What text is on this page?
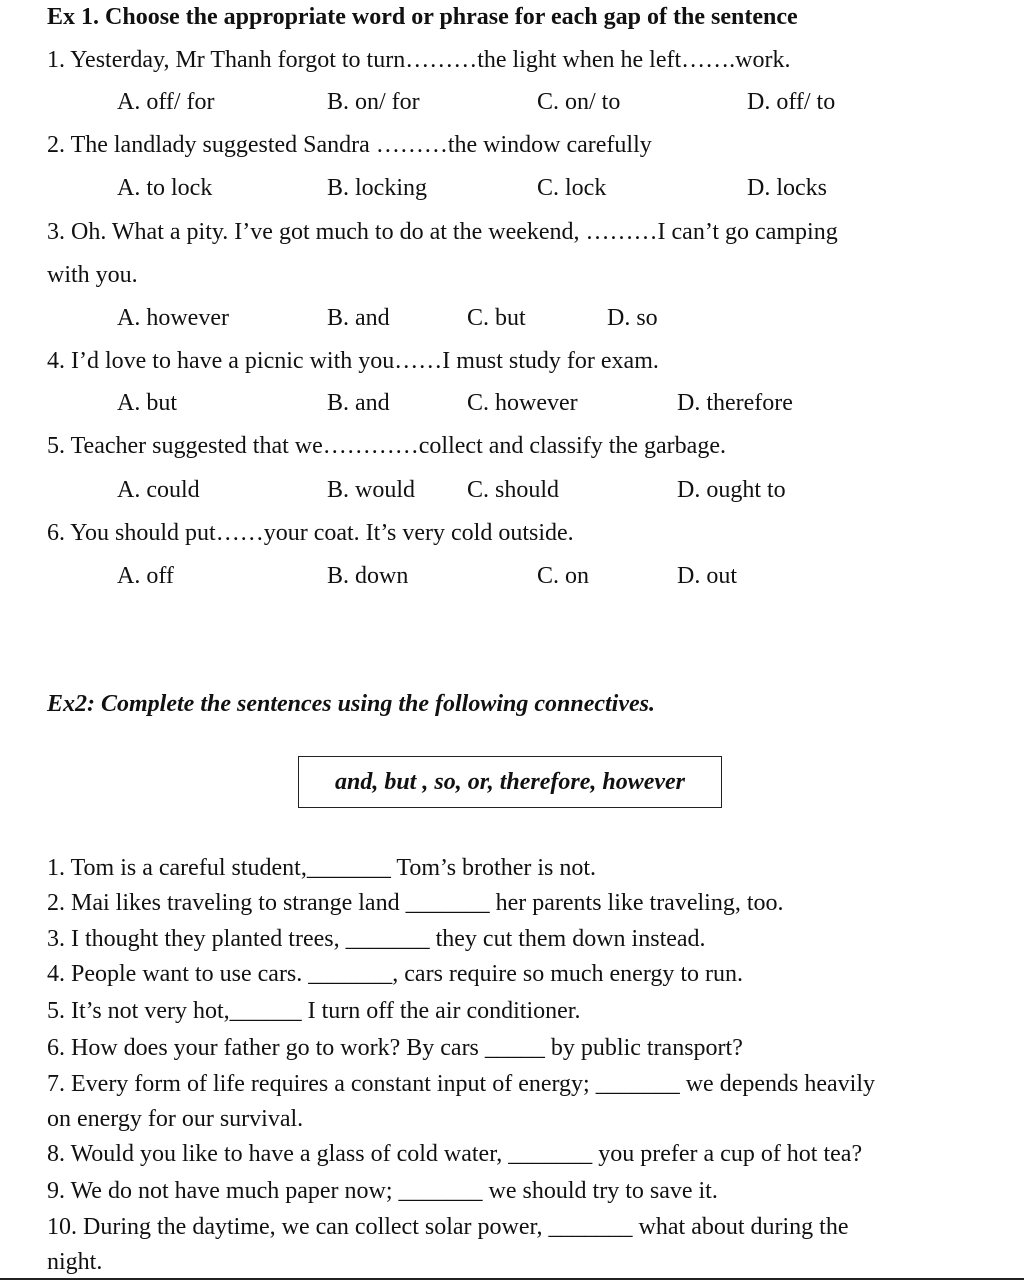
Ex 1. Choose the appropriate word or phrase for each gap of the sentence
1. Yesterday, Mr Thanh forgot to turn………the light when he left…….work.
A. off/ for	B. on/ for	C. on/ to	D. off/ to
2. The landlady suggested Sandra ………the window carefully
A. to lock	B. locking	C. lock	D. locks
3. Oh. What a pity. I’ve got much to do at the weekend, ………I can’t go camping
with you.
A. however	B. and	C. but	D. so
4. I’d love to have a picnic with you……I must study for exam.
A. but	B. and	C. however	D. therefore
5. Teacher suggested that we…………collect and classify the garbage.
A. could	B. would C. should	D. ought to
6. You should put……your coat. It’s very cold outside.
A. off	B. down	C. on	D. out
Ex2: Complete the sentences using the following connectives.
and, but , so, or, therefore, however
1. Tom is a careful student,_______ Tom’s brother is not.
2. Mai likes traveling to strange land _______ her parents like traveling, too.
3. I thought they planted trees, _______ they cut them down instead.
4. People want to use cars. _______, cars require so much energy to run.
5. It’s not very hot,______ I turn off the air conditioner.
6. How does your father go to work? By cars _____ by public transport?
7. Every form of life requires a constant input of energy; _______ we depends heavily
on energy for our survival.
8. Would you like to have a glass of cold water, _______ you prefer a cup of hot tea?
9. We do not have much paper now; _______ we should try to save it.
10. During the daytime, we can collect solar power, _______ what about during the
night.
